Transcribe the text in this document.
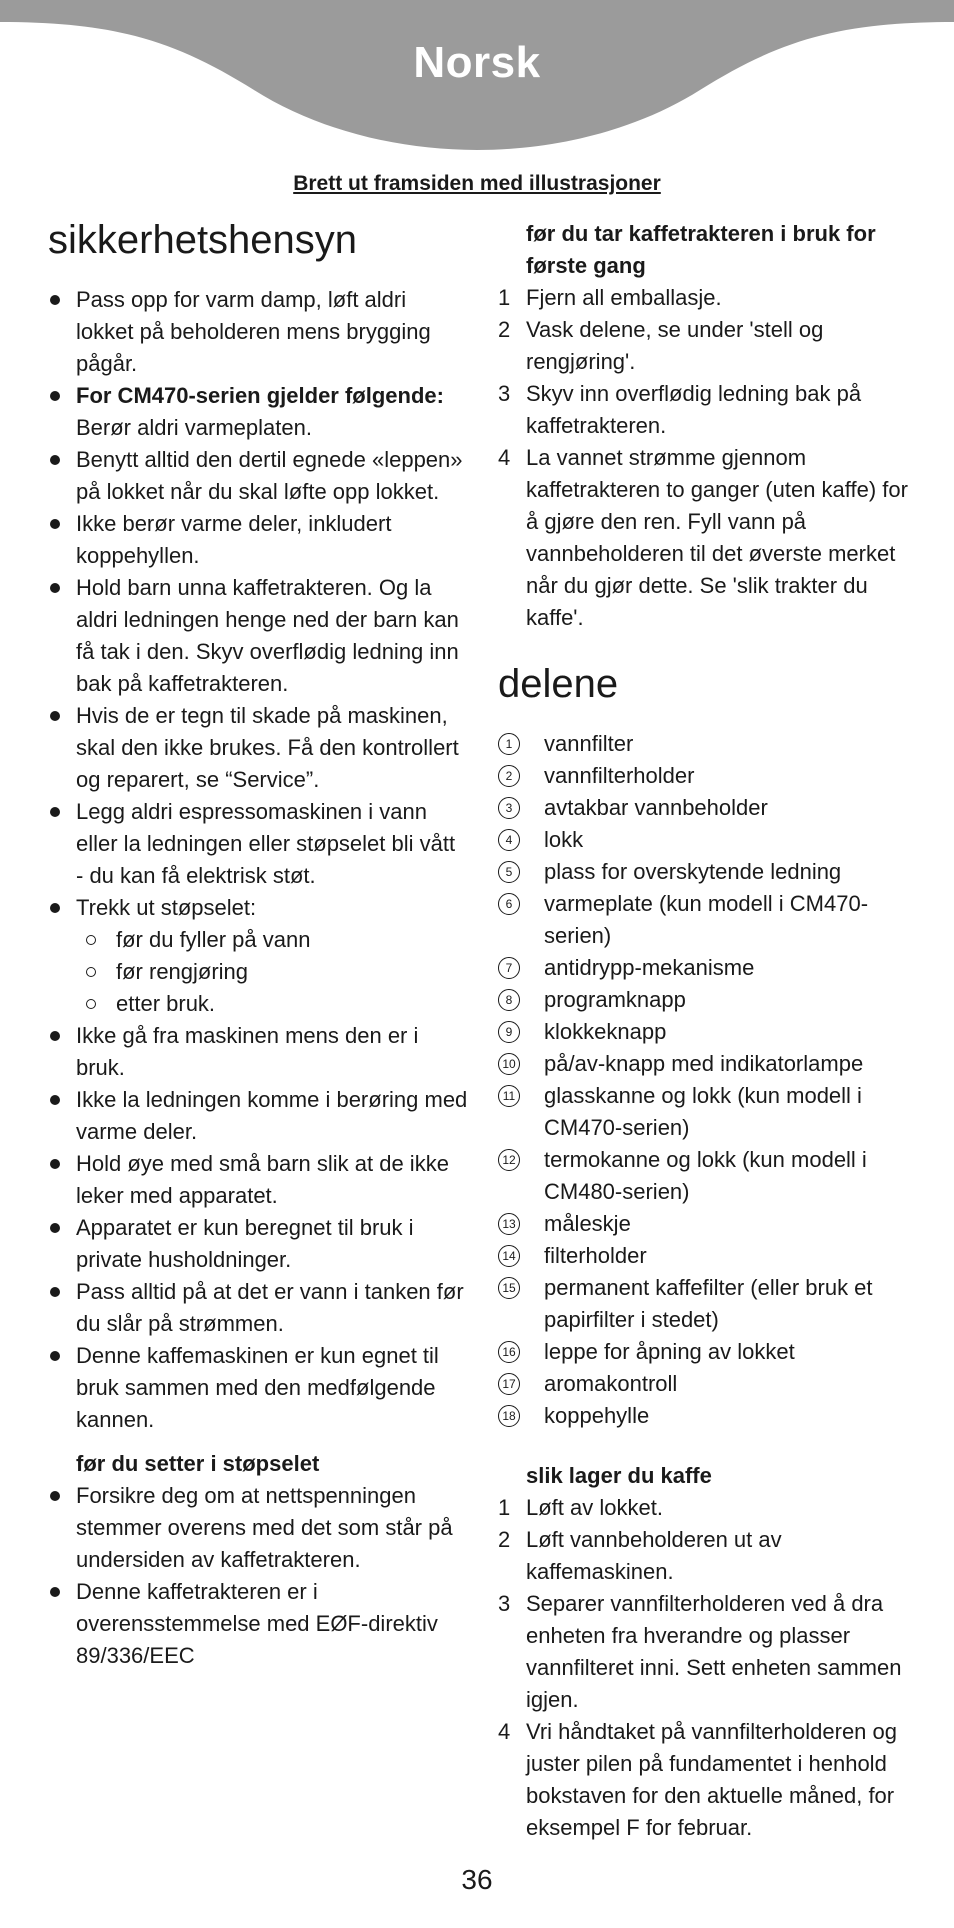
Norsk
Brett ut framsiden med illustrasjoner
sikkerhetshensyn
Pass opp for varm damp, løft aldri lokket på beholderen mens brygging pågår.
For CM470-serien gjelder følgende: Berør aldri varmeplaten.
Benytt alltid den dertil egnede «leppen» på lokket når du skal løfte opp lokket.
Ikke berør varme deler, inkludert koppehyllen.
Hold barn unna kaffetrakteren. Og la aldri ledningen henge ned der barn kan få tak i den. Skyv overflødig ledning inn bak på kaffetrakteren.
Hvis de er tegn til skade på maskinen, skal den ikke brukes. Få den kontrollert og reparert, se “Service”.
Legg aldri espressomaskinen i vann eller la ledningen eller støpselet bli vått - du kan få elektrisk støt.
Trekk ut støpselet:
før du fyller på vann
før rengjøring
etter bruk.
Ikke gå fra maskinen mens den er i bruk.
Ikke la ledningen komme i berøring med varme deler.
Hold øye med små barn slik at de ikke leker med apparatet.
Apparatet er kun beregnet til bruk i private husholdninger.
Pass alltid på at det er vann i tanken før du slår på strømmen.
Denne kaffemaskinen er kun egnet til bruk sammen med den medfølgende kannen.
før du setter i støpselet
Forsikre deg om at nettspenningen stemmer overens med det som står på undersiden av kaffetrakteren.
Denne kaffetrakteren er i overensstemmelse med EØF-direktiv 89/336/EEC
før du tar kaffetrakteren i bruk for første gang
1 Fjern all emballasje.
2 Vask delene, se under 'stell og rengjøring'.
3 Skyv inn overflødig ledning bak på kaffetrakteren.
4 La vannet strømme gjennom kaffetrakteren to ganger (uten kaffe) for å gjøre den ren. Fyll vann på vannbeholderen til det øverste merket når du gjør dette. Se 'slik trakter du kaffe'.
delene
1	vannfilter
2	vannfilterholder
3	avtakbar vannbeholder
4	lokk
5	plass for overskytende ledning
6	varmeplate (kun modell i CM470-serien)
7	antidrypp-mekanisme
8	programknapp
9	klokkeknapp
10 på/av-knapp med indikatorlampe
11 glasskanne og lokk (kun modell i CM470-serien)
12 termokanne og lokk (kun modell i CM480-serien)
13 måleskje
14 filterholder
15 permanent kaffefilter (eller bruk et papirfilter i stedet)
16 leppe for åpning av lokket
17 aromakontroll
18 koppehylle
slik lager du kaffe
1 Løft av lokket.
2 Løft vannbeholderen ut av kaffemaskinen.
3 Separer vannfilterholderen ved å dra enheten fra hverandre og plasser vannfilteret inni. Sett enheten sammen igjen.
4 Vri håndtaket på vannfilterholderen og juster pilen på fundamentet i henhold bokstaven for den aktuelle måned, for eksempel F for februar.
36
